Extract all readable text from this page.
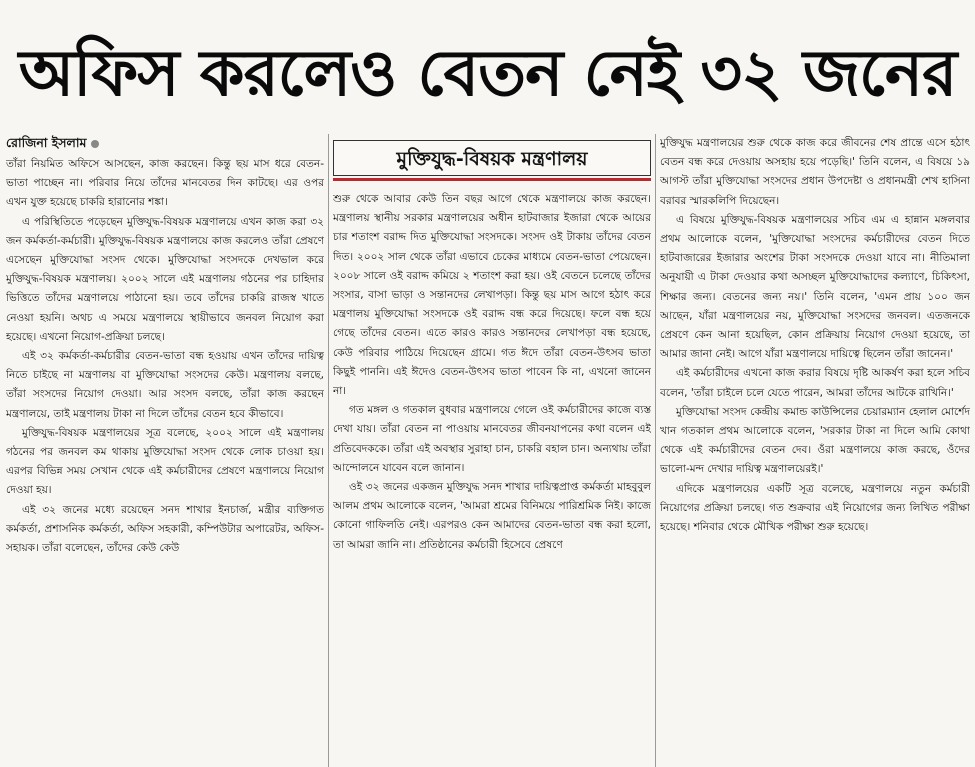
অফিস করলেও বেতন নেই ৩২ জনের
রোজিনা ইসলাম
মুক্তিযুদ্ধ-বিষয়ক মন্ত্রণালয়

তাঁরা নিয়মিত অফিসে আসছেন, কাজ করছেন। কিন্তু ছয় মাস ধরে বেতন-ভাতা পাচ্ছেন না। পরিবার নিয়ে তাঁদের মানবেতর দিন কাটছে। এর ওপর এখন যুক্ত হয়েছে চাকরি হারানোর শঙ্কা।

এ পরিস্থিতিতে পড়েছেন মুক্তিযুদ্ধ-বিষয়ক মন্ত্রণালয়ে এখন কাজ করা ৩২ জন কর্মকর্তা-কর্মচারী। মুক্তিযুদ্ধ-বিষয়ক মন্ত্রণালয়ে কাজ করলেও তাঁরা প্রেষণে এসেছেন মুক্তিযোদ্ধা সংসদ থেকে। মুক্তিযোদ্ধা সংসদকে দেখভাল করে মুক্তিযুদ্ধ-বিষয়ক মন্ত্রণালয়। ২০০২ সালে এই মন্ত্রণালয় গঠনের পর চাহিদার ভিত্তিতে তাঁদের মন্ত্রণালয়ে পাঠানো হয়। তবে তাঁদের চাকরি রাজস্ব খাতে নেওয়া হয়নি। অথচ এ সময়ে মন্ত্রণালয়ে স্থায়ীভাবে জনবল নিয়োগ করা হয়েছে। এখনো নিয়োগ-প্রক্রিয়া চলছে।

এই ৩২ কর্মকর্তা-কর্মচারীর বেতন-ভাতা বন্ধ হওয়ায় এখন তাঁদের দায়িত্ব নিতে চাইছে না মন্ত্রণালয় বা মুক্তিযোদ্ধা সংসদের কেউ। মন্ত্রণালয় বলছে, তাঁরা সংসদের নিয়োগ দেওয়া। আর সংসদ বলছে, তাঁরা কাজ করছেন মন্ত্রণালয়ে, তাই মন্ত্রণালয় টাকা না দিলে তাঁদের বেতন হবে কীভাবে।

মুক্তিযুদ্ধ-বিষয়ক মন্ত্রণালয়ের সূত্র বলেছে, ২০০২ সালে এই মন্ত্রণালয় গঠনের পর জনবল কম থাকায় মুক্তিযোদ্ধা সংসদ থেকে লোক চাওয়া হয়। এরপর বিভিন্ন সময় সেখান থেকে এই কর্মচারীদের প্রেষণে মন্ত্রণালয়ে নিয়োগ দেওয়া হয়।

এই ৩২ জনের মধ্যে রয়েছেন সনদ শাখার ইনচার্জ, মন্ত্রীর ব্যক্তিগত কর্মকর্তা, প্রশাসনিক কর্মকর্তা, অফিস সহকারী, কম্পিউটার অপারেটর, অফিস-সহায়ক। তাঁরা বলেছেন, তাঁদের কেউ কেউ

শুরু থেকে আবার কেউ তিন বছর আগে থেকে মন্ত্রণালয়ে কাজ করছেন। মন্ত্রণালয় স্থানীয় সরকার মন্ত্রণালয়ের অধীন হাটবাজার ইজারা থেকে আয়ের চার শতাংশ বরাদ্দ দিত মুক্তিযোদ্ধা সংসদকে। সংসদ ওই টাকায় তাঁদের বেতন দিত। ২০০২ সাল থেকে তাঁরা এভাবে চেকের মাধ্যমে বেতন-ভাতা পেয়েছেন। ২০০৮ সালে ওই বরাদ্দ কমিয়ে ২ শতাংশ করা হয়। ওই বেতনে চলেছে তাঁদের সংসার, বাসা ভাড়া ও সন্তানদের লেখাপড়া। কিন্তু ছয় মাস আগে হঠাৎ করে মন্ত্রণালয় মুক্তিযোদ্ধা সংসদকে ওই বরাদ্দ বন্ধ করে দিয়েছে। ফলে বন্ধ হয়ে গেছে তাঁদের বেতন। এতে কারও কারও সন্তানদের লেখাপড়া বন্ধ হয়েছে, কেউ পরিবার পাঠিয়ে দিয়েছেন গ্রামে। গত ঈদে তাঁরা বেতন-উৎসব ভাতা কিছুই পাননি। এই ঈদেও বেতন-উৎসব ভাতা পাবেন কি না, এখনো জানেন না।

গত মঙ্গল ও গতকাল বুধবার মন্ত্রণালয়ে গেলে ওই কর্মচারীদের কাজে ব্যস্ত দেখা যায়। তাঁরা বেতন না পাওয়ায় মানবেতর জীবনযাপনের কথা বলেন এই প্রতিবেদককে। তাঁরা এই অবস্থার সুরাহা চান, চাকরি বহাল চান। অন্যথায় তাঁরা আন্দোলনে যাবেন বলে জানান।

ওই ৩২ জনের একজন মুক্তিযুদ্ধ সনদ শাখার দায়িত্বপ্রাপ্ত কর্মকর্তা মাহবুবুল আলম প্রথম আলোকে বলেন, 'আমরা শ্রমের বিনিময়ে পারিশ্রমিক নিই। কাজে কোনো গাফিলতি নেই। এরপরও কেন আমাদের বেতন-ভাতা বন্ধ করা হলো, তা আমরা জানি না। প্রতিষ্ঠানের কর্মচারী হিসেবে প্রেষণে

মুক্তিযুদ্ধ মন্ত্রণালয়ের শুরু থেকে কাজ করে জীবনের শেষ প্রান্তে এসে হঠাৎ বেতন বন্ধ করে দেওয়ায় অসহায় হয়ে পড়েছি।' তিনি বলেন, এ বিষয়ে ১৯ আগস্ট তাঁরা মুক্তিযোদ্ধা সংসদের প্রধান উপদেষ্টা ও প্রধানমন্ত্রী শেখ হাসিনা বরাবর স্মারকলিপি দিয়েছেন।

এ বিষয়ে মুক্তিযুদ্ধ-বিষয়ক মন্ত্রণালয়ের সচিব এম এ হান্নান মঙ্গলবার প্রথম আলোকে বলেন, 'মুক্তিযোদ্ধা সংসদের কর্মচারীদের বেতন দিতে হাটবাজারের ইজারার অংশের টাকা সংসদকে দেওয়া যাবে না। নীতিমালা অনুযায়ী এ টাকা দেওয়ার কথা অসচ্ছল মুক্তিযোদ্ধাদের কল্যাণে, চিকিৎসা, শিক্ষার জন্য। বেতনের জন্য নয়।' তিনি বলেন, 'এমন প্রায় ১০০ জন আছেন, যাঁরা মন্ত্রণালয়ের নয়, মুক্তিযোদ্ধা সংসদের জনবল। এতজনকে প্রেষণে কেন আনা হয়েছিল, কোন প্রক্রিয়ায় নিয়োগ দেওয়া হয়েছে, তা আমার জানা নেই। আগে যাঁরা মন্ত্রণালয়ে দায়িত্বে ছিলেন তাঁরা জানেন।'

এই কর্মচারীদের এখনো কাজ করার বিষয়ে দৃষ্টি আকর্ষণ করা হলে সচিব বলেন, 'তাঁরা চাইলে চলে যেতে পারেন, আমরা তাঁদের আটকে রাখিনি।'

মুক্তিযোদ্ধা সংসদ কেন্দ্রীয় কমান্ড কাউন্সিলের চেয়ারম্যান হেলাল মোর্শেদ খান গতকাল প্রথম আলোকে বলেন, 'সরকার টাকা না দিলে আমি কোথা থেকে এই কর্মচারীদের বেতন দেব। ওঁরা মন্ত্রণালয়ে কাজ করছে, ওঁদের ভালো-মন্দ দেখার দায়িত্ব মন্ত্রণালয়েরই।'

এদিকে মন্ত্রণালয়ের একটি সূত্র বলেছে, মন্ত্রণালয়ে নতুন কর্মচারী নিয়োগের প্রক্রিয়া চলছে। গত শুক্রবার এই নিয়োগের জন্য লিখিত পরীক্ষা হয়েছে। শনিবার থেকে মৌখিক পরীক্ষা শুরু হয়েছে।
